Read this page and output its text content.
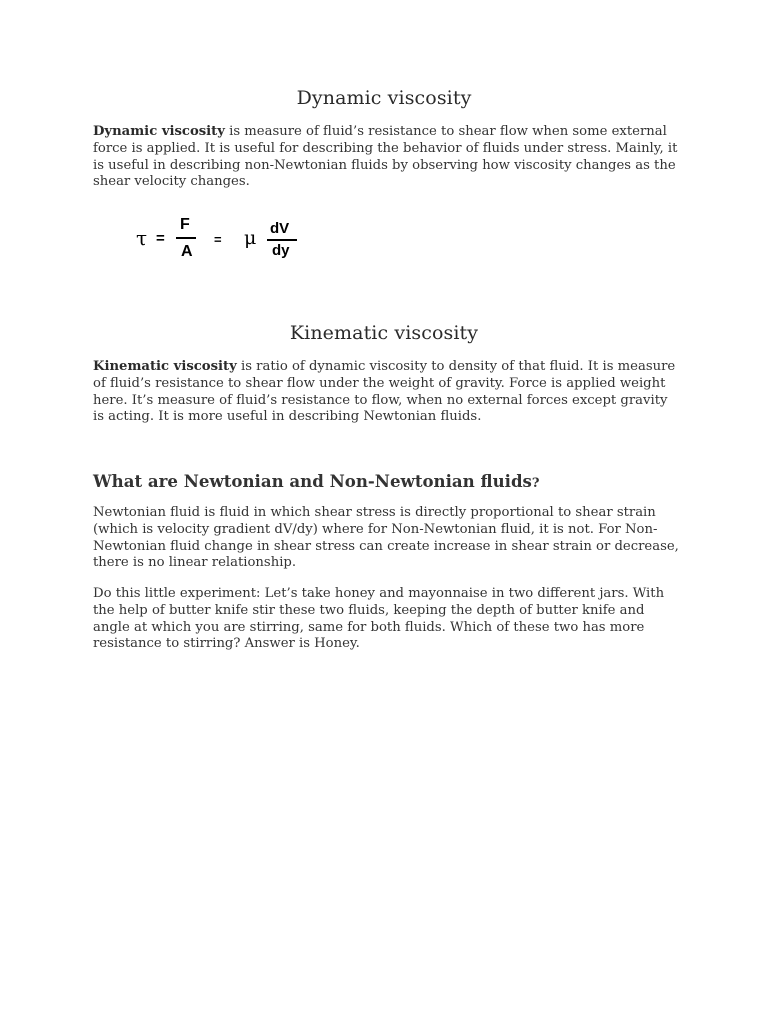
Dynamic viscosity

Dynamic viscosity is measure of fluid’s resistance to shear flow when some external force is applied. It is useful for describing the behavior of fluids under stress. Mainly, it is useful in describing non-Newtonian fluids by observing how viscosity changes as the shear velocity changes.

τ =
F
A
= μ dV
dy
Kinematic viscosity

Kinematic viscosity is ratio of dynamic viscosity to density of that fluid. It is measure of fluid’s resistance to shear flow under the weight of gravity. Force is applied weight here. It’s measure of fluid’s resistance to flow, when no external forces except gravity is acting. It is more useful in describing Newtonian fluids.

What are Newtonian and Non-Newtonian fluids?

Newtonian fluid is fluid in which shear stress is directly proportional to shear strain (which is velocity gradient dV/dy) where for Non-Newtonian fluid, it is not. For Non-Newtonian fluid change in shear stress can create increase in shear strain or decrease, there is no linear relationship.

Do this little experiment: Let’s take honey and mayonnaise in two different jars. With the help of butter knife stir these two fluids, keeping the depth of butter knife and angle at which you are stirring, same for both fluids. Which of these two has more resistance to stirring? Answer is Honey.
